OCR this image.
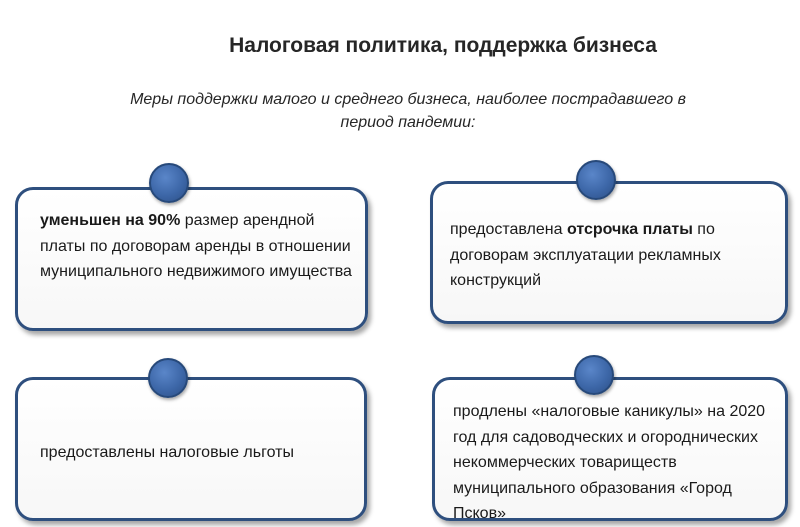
Налоговая политика, поддержка бизнеса
Меры поддержки малого и среднего бизнеса, наиболее пострадавшего в
период пандемии:
уменьшен на 90% размер арендной платы по договорам аренды в отношении муниципального недвижимого имущества
предоставлена отсрочка платы по договорам эксплуатации рекламных конструкций
предоставлены налоговые льготы
продлены «налоговые каникулы» на 2020 год для садоводческих и огороднических некоммерческих товариществ муниципального образования «Город Псков»
